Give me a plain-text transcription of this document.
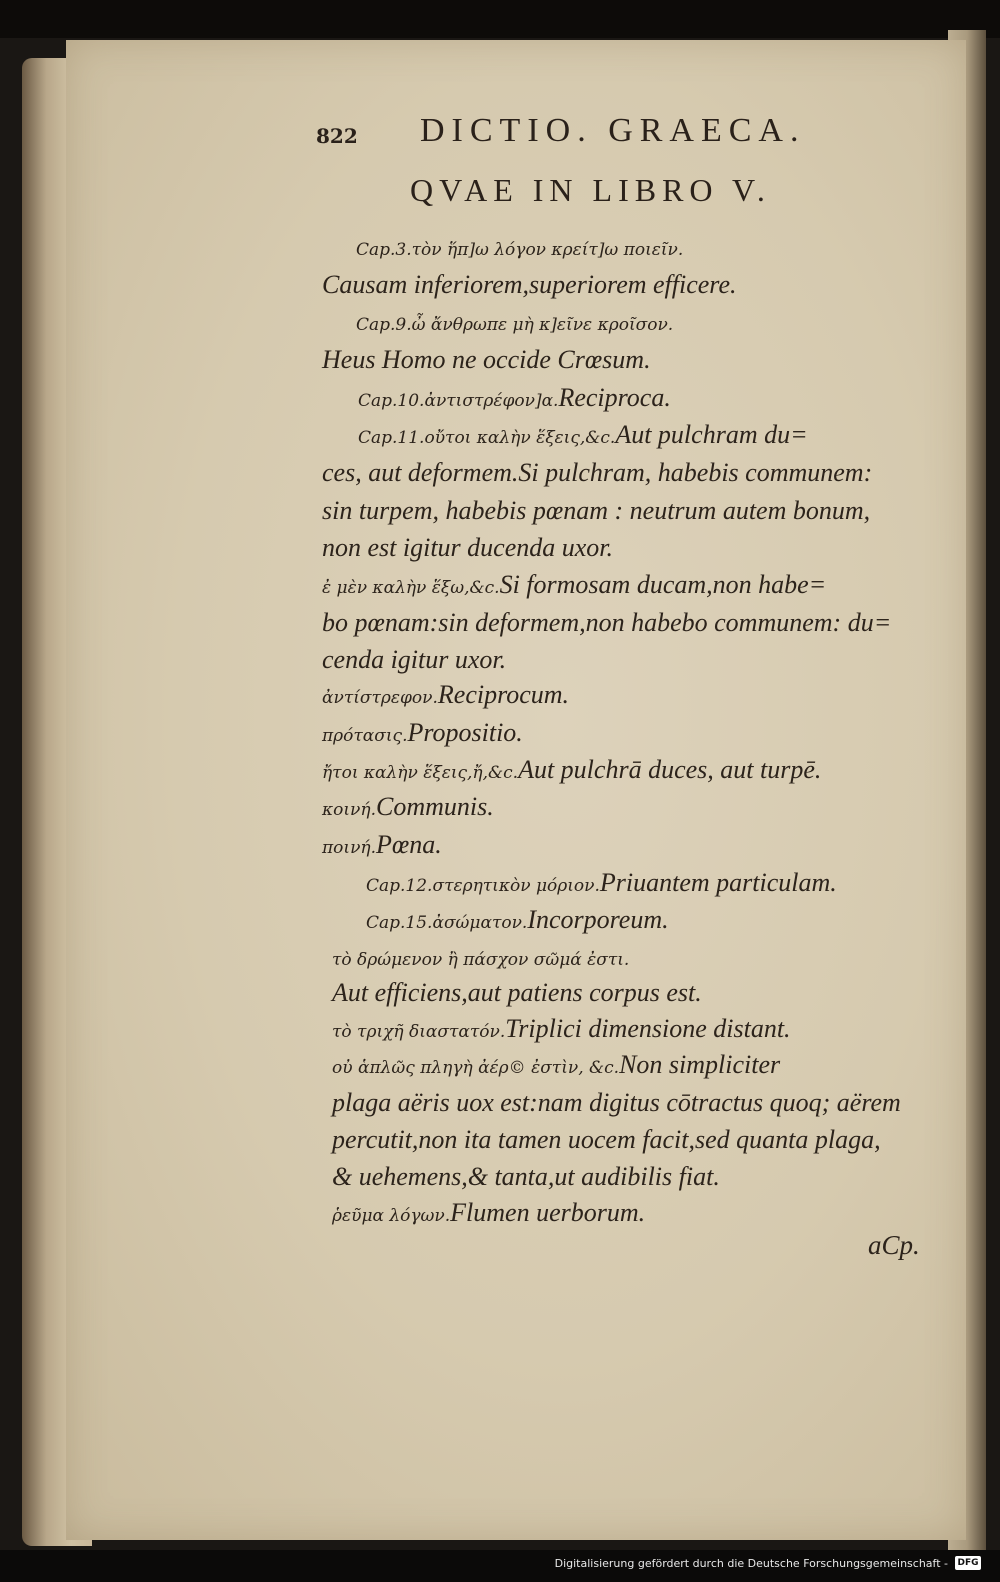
822 DICTIO. GRAECA.
QVAE IN LIBRO V.
Cap.3.τὸν ἥπ]ω λόγον κρείτ]ω ποιεῖν.
Causam inferiorem,superiorem efficere.
Cap.9.ὦ ἄνθρωπε μὴ κ]εῖνε κροῖσον.
Heus Homo ne occide Crœsum.
Cap.10.ἀντιστρέφον]α.Reciproca.
Cap.11.οὔτοι καλὴν ἕξεις,&c.Aut pulchram du=
ces, aut deformem.Si pulchram, habebis communem:
sin turpem, habebis pœnam : neutrum autem bonum,
non est igitur ducenda uxor.
ἐ μὲν καλὴν ἕξω,&c.Si formosam ducam,non habe=
bo pœnam:sin deformem,non habebo communem: du=
cenda igitur uxor.
ἀντίστρεφον.Reciprocum.
πρότασις.Propositio.
ἤτοι καλὴν ἕξεις,ἤ,&c.Aut pulchrā duces, aut turpē.
κοινή.Communis.
ποινή.Pœna.
Cap.12.στερητικὸν μόριον.Priuantem particulam.
Cap.15.ἀσώματον.Incorporeum.
τὸ δρώμενον ἢ πάσχον σῶμά ἐστι.
Aut efficiens,aut patiens corpus est.
τὸ τριχῆ διαστατόν.Triplici dimensione distant.
οὐ ἁπλῶς πληγὴ ἀέρ© ἐστὶν, &c.Non simpliciter
plaga aëris uox est:nam digitus cōtractus quoq; aërem
percutit,non ita tamen uocem facit,sed quanta plaga,
& uehemens,& tanta,ut audibilis fiat.
ῥεῦμα λόγων.Flumen uerborum.
aCp.
Digitalisierung gefördert durch die Deutsche Forschungsgemeinschaft - DFG
